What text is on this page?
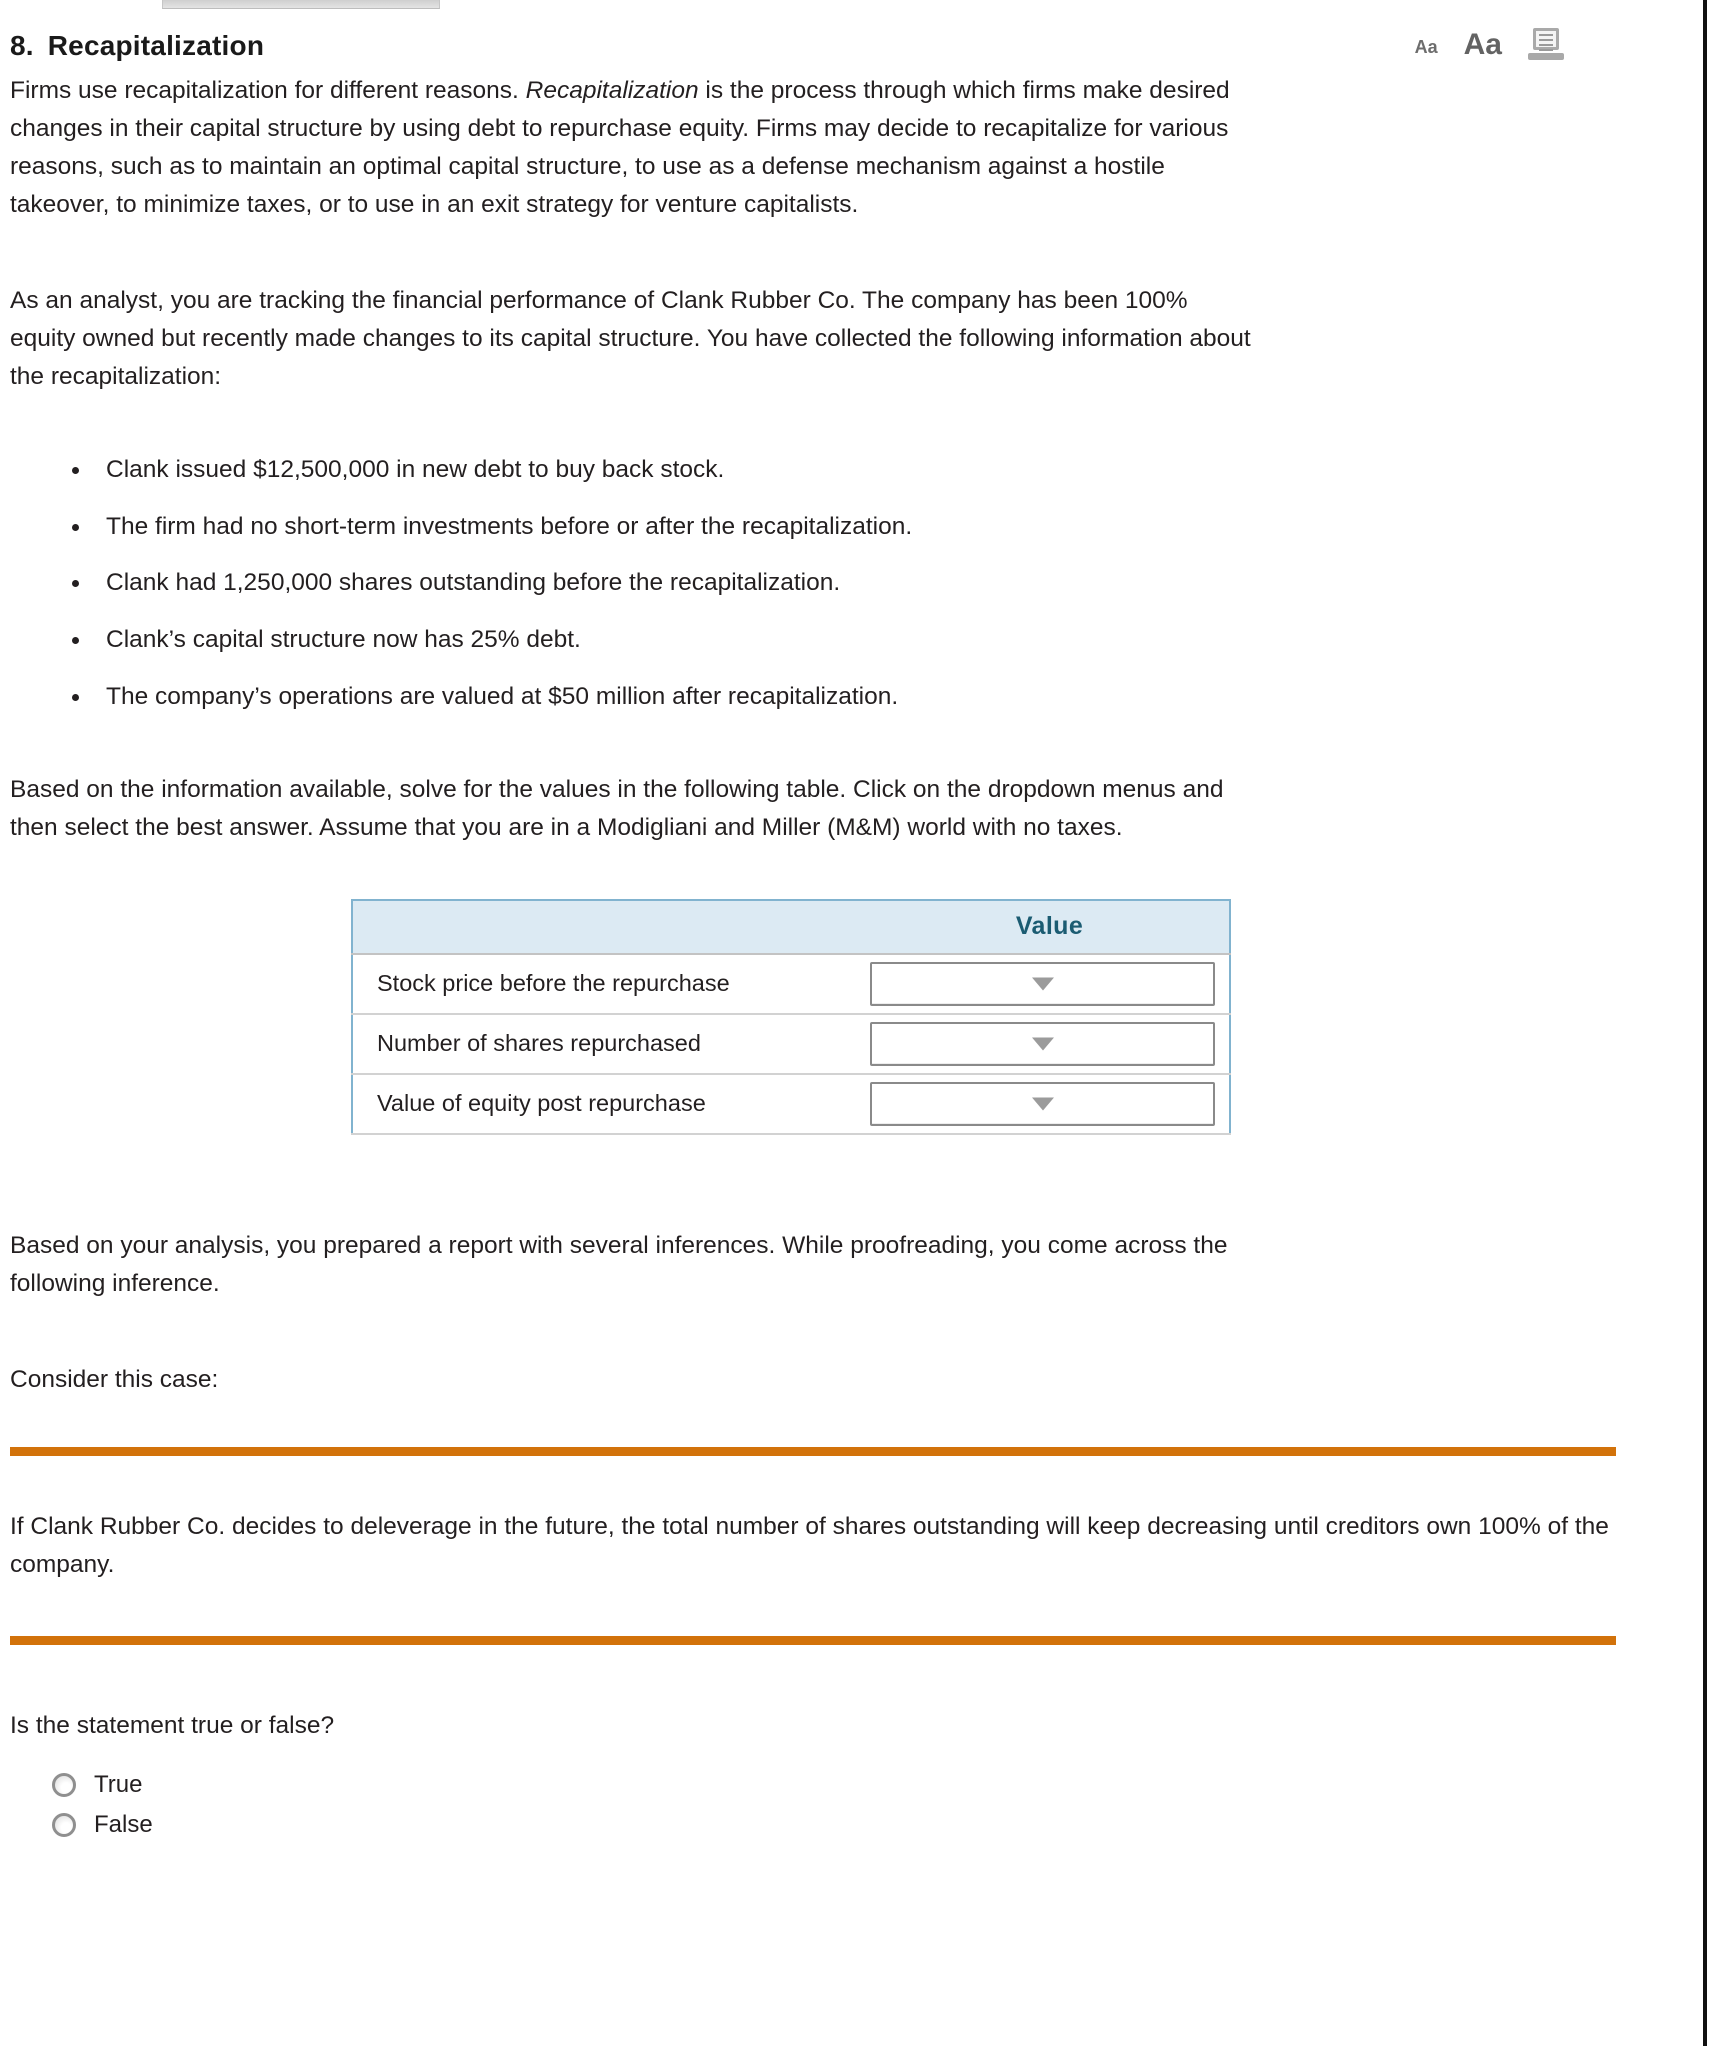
8. Recapitalization	Aa Aa

Firms use recapitalization for different reasons. Recapitalization is the process through which firms make desired changes in their capital structure by using debt to repurchase equity. Firms may decide to recapitalize for various reasons, such as to maintain an optimal capital structure, to use as a defense mechanism against a hostile takeover, to minimize taxes, or to use in an exit strategy for venture capitalists.

As an analyst, you are tracking the financial performance of Clank Rubber Co. The company has been 100% equity owned but recently made changes to its capital structure. You have collected the following information about the recapitalization:

Clank issued $12,500,000 in new debt to buy back stock.
The firm had no short-term investments before or after the recapitalization.
Clank had 1,250,000 shares outstanding before the recapitalization.
Clank’s capital structure now has 25% debt.
The company’s operations are valued at $50 million after recapitalization.

Based on the information available, solve for the values in the following table. Click on the dropdown menus and then select the best answer. Assume that you are in a Modigliani and Miller (M&M) world with no taxes.

	Value
Stock price before the repurchase	

Number of shares repurchased	

Value of equity post repurchase	

Based on your analysis, you prepared a report with several inferences. While proofreading, you come across the following inference.

Consider this case:

If Clank Rubber Co. decides to deleverage in the future, the total number of shares outstanding will keep decreasing until creditors own 100% of the company.

Is the statement true or false?

True
False
